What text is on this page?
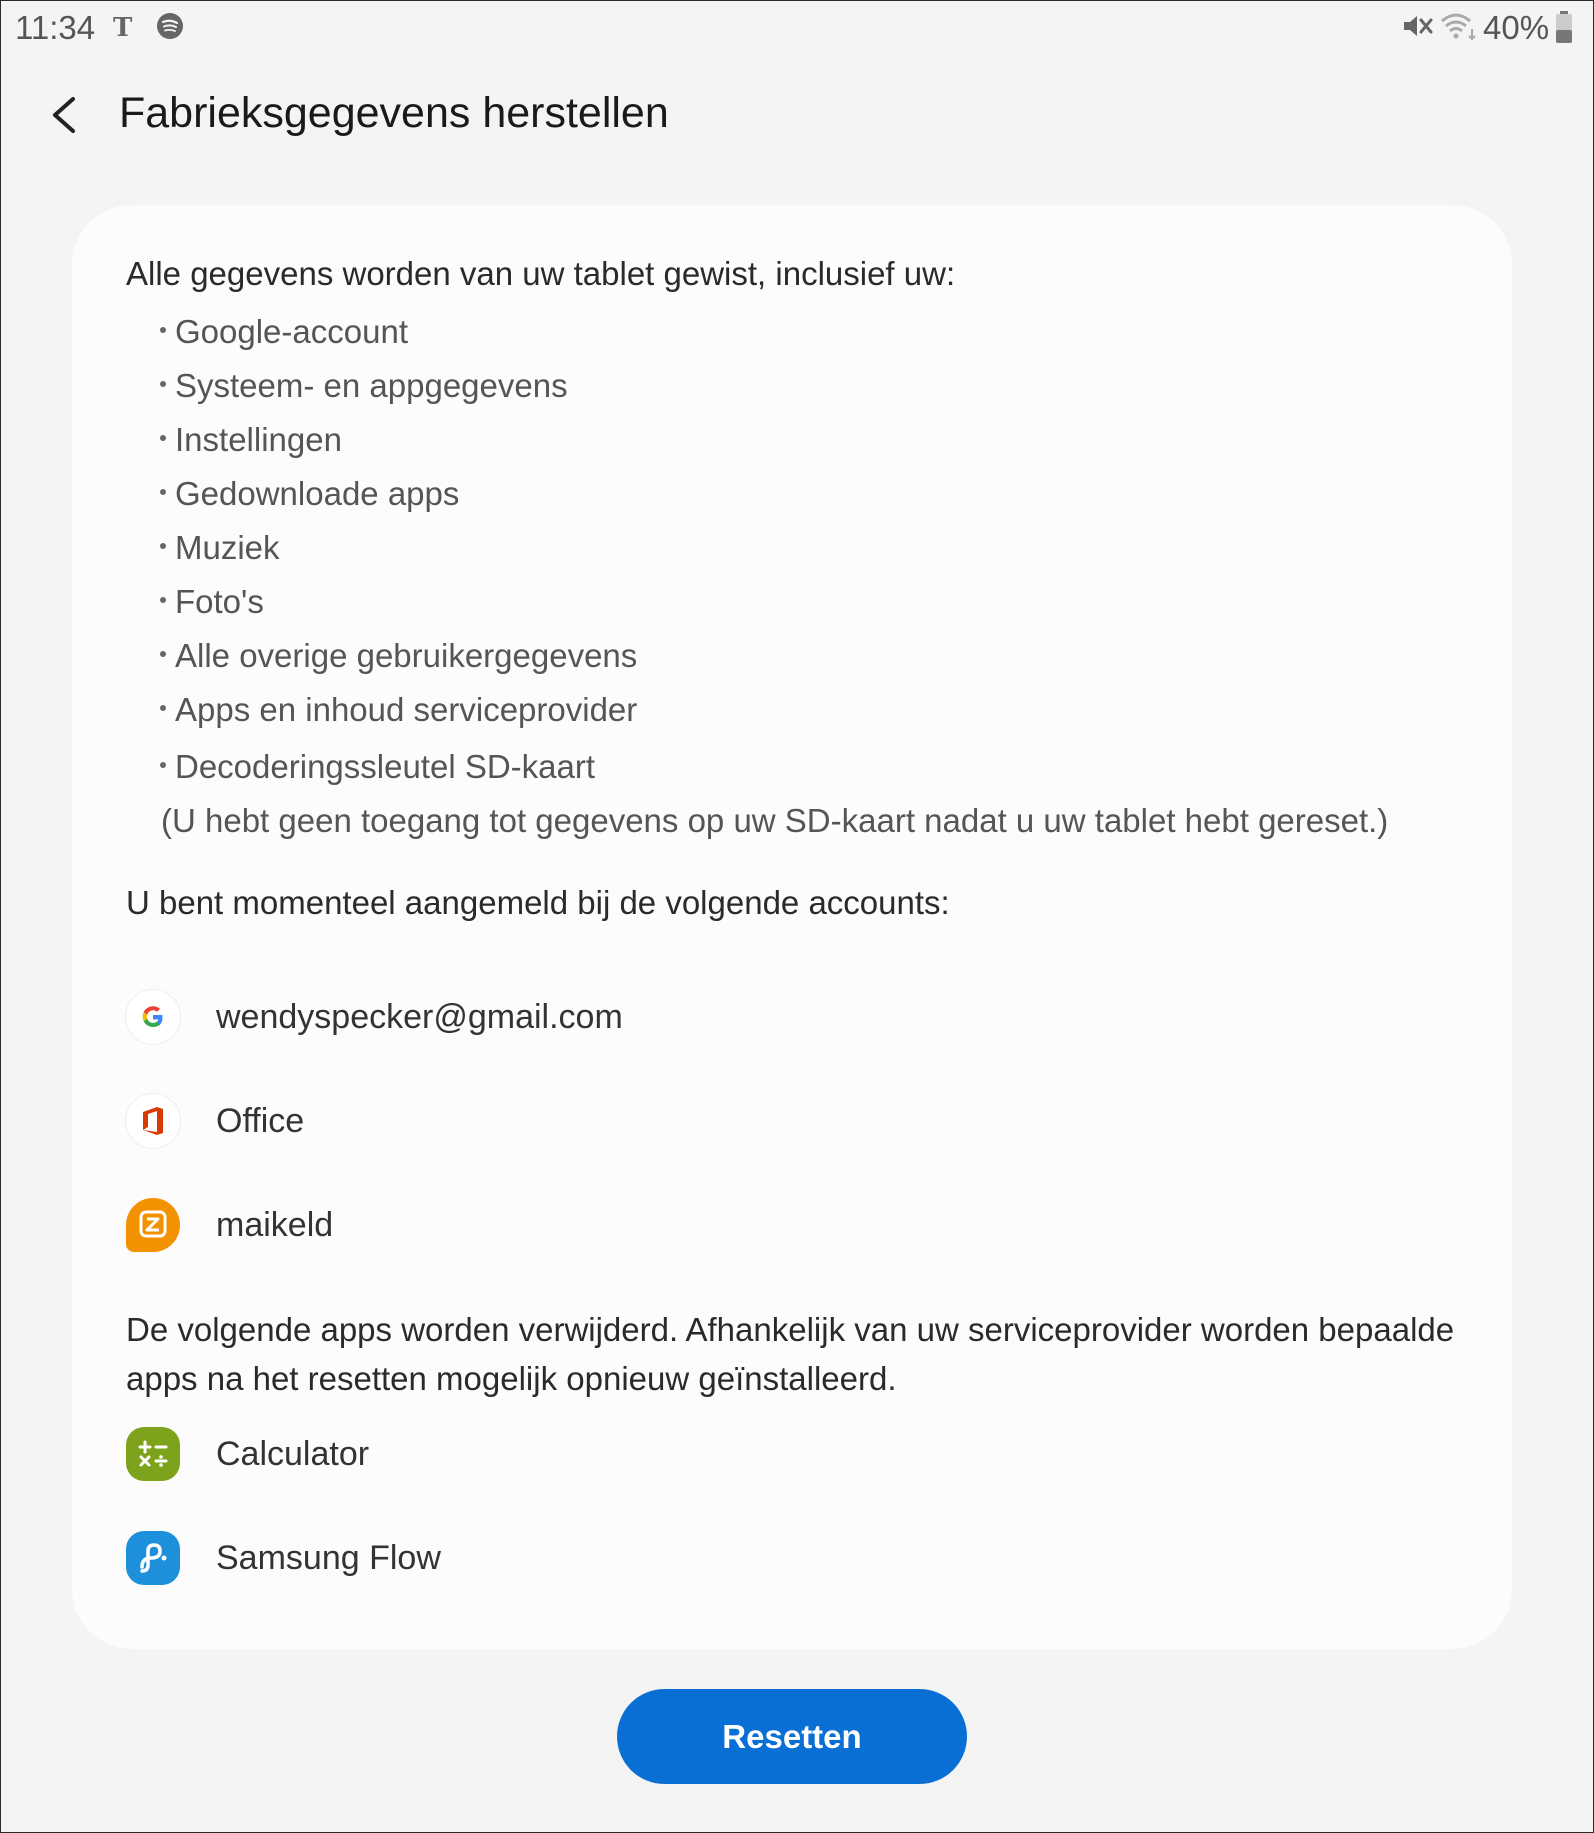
11:34 T	40%
Fabrieksgegevens herstellen
Alle gegevens worden van uw tablet gewist, inclusief uw:
Google-account
Systeem- en appgegevens
Instellingen
Gedownloade apps
Muziek
Foto's
Alle overige gebruikergegevens
Apps en inhoud serviceprovider
Decoderingssleutel SD-kaart
(U hebt geen toegang tot gegevens op uw SD-kaart nadat u uw tablet hebt gereset.)
U bent momenteel aangemeld bij de volgende accounts:
wendyspecker@gmail.com
Office
maikeld
De volgende apps worden verwijderd. Afhankelijk van uw serviceprovider worden bepaalde apps na het resetten mogelijk opnieuw geïnstalleerd.
Calculator
Samsung Flow
Resetten
